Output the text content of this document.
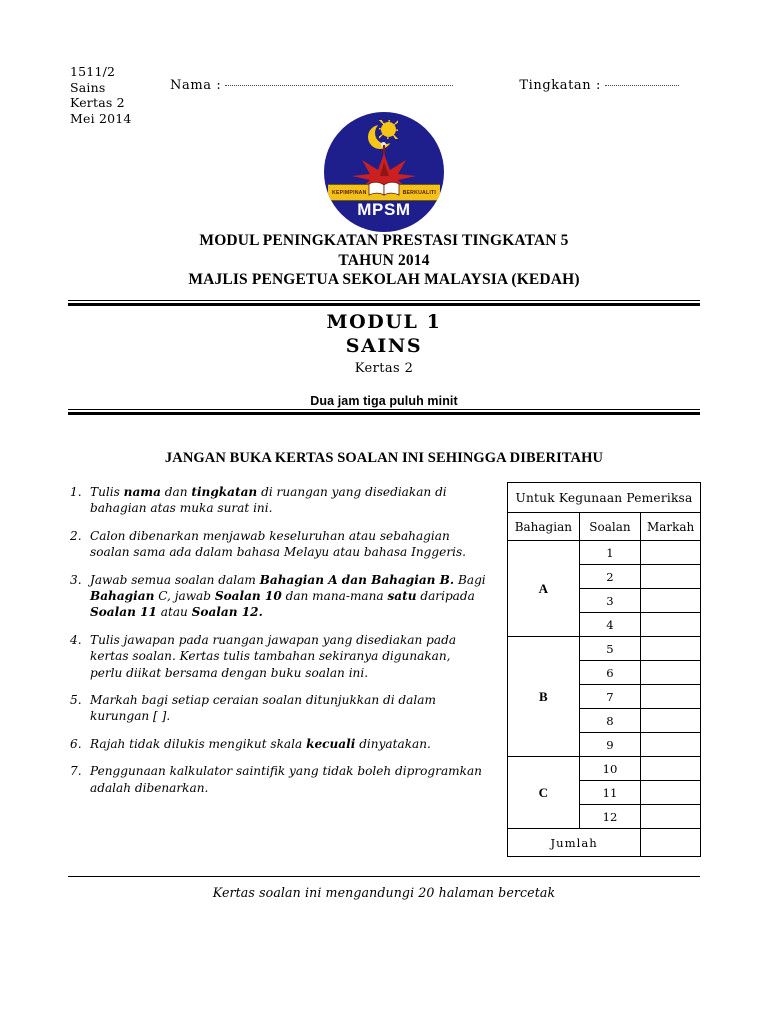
1511/2
Sains
Kertas 2
Mei 2014
Nama :	Tingkatan :
KEPIMPINAN	BERKUALITI
MPSM
MODUL PENINGKATAN PRESTASI TINGKATAN 5
TAHUN 2014
MAJLIS PENGETUA SEKOLAH MALAYSIA (KEDAH)
MODUL 1
SAINS
Kertas 2
Dua jam tiga puluh minit
JANGAN BUKA KERTAS SOALAN INI SEHINGGA DIBERITAHU
1. Tulis nama dan tingkatan di ruangan yang disediakan di bahagian atas muka surat ini.
2. Calon dibenarkan menjawab keseluruhan atau sebahagian soalan sama ada dalam bahasa Melayu atau bahasa Inggeris.
3. Jawab semua soalan dalam Bahagian A dan Bahagian B. Bagi Bahagian C, jawab Soalan 10 dan mana-mana satu daripada Soalan 11 atau Soalan 12.
4. Tulis jawapan pada ruangan jawapan yang disediakan pada kertas soalan. Kertas tulis tambahan sekiranya digunakan, perlu diikat bersama dengan buku soalan ini.
5. Markah bagi setiap ceraian soalan ditunjukkan di dalam kurungan [ ].
6. Rajah tidak dilukis mengikut skala kecuali dinyatakan.
7. Penggunaan kalkulator saintifik yang tidak boleh diprogramkan adalah dibenarkan.
Untuk Kegunaan Pemeriksa		
Bahagian	Soalan	Markah
A	1	
	2	
	3	
	4	
B	5	
	6	
	7	
	8	
	9	
C	10	
	11	
	12	
Jumlah		
Kertas soalan ini mengandungi 20 halaman bercetak
